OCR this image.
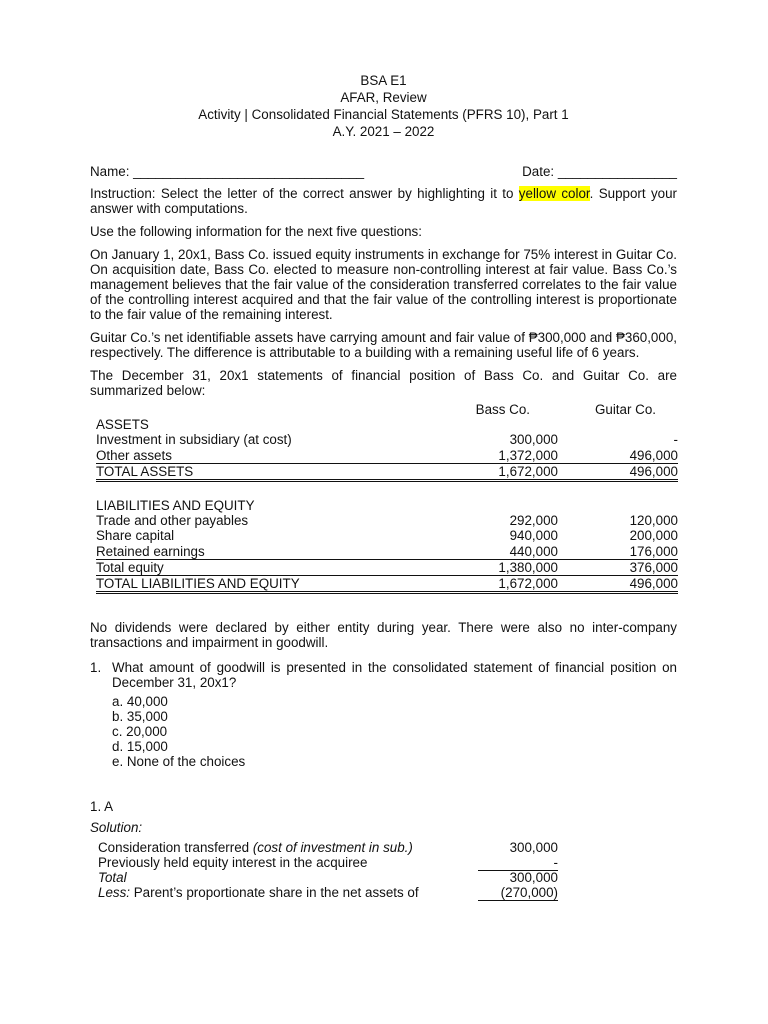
BSA E1
AFAR, Review
Activity | Consolidated Financial Statements (PFRS 10), Part 1
A.Y. 2021 – 2022
Name: _______________________________	Date: ________________

Instruction: Select the letter of the correct answer by highlighting it to yellow color. Support your answer with computations.

Use the following information for the next five questions:

On January 1, 20x1, Bass Co. issued equity instruments in exchange for 75% interest in Guitar Co. On acquisition date, Bass Co. elected to measure non-controlling interest at fair value. Bass Co.’s management believes that the fair value of the consideration transferred correlates to the fair value of the controlling interest acquired and that the fair value of the controlling interest is proportionate to the fair value of the remaining interest.

Guitar Co.’s net identifiable assets have carrying amount and fair value of ₱300,000 and ₱360,000, respectively. The difference is attributable to a building with a remaining useful life of 6 years.

The December 31, 20x1 statements of financial position of Bass Co. and Guitar Co. are summarized below:

	Bass Co.	Guitar Co.
ASSETS		
Investment in subsidiary (at cost)	300,000	-
Other assets	1,372,000	496,000
TOTAL ASSETS	1,672,000	496,000

LIABILITIES AND EQUITY		
Trade and other payables	292,000	120,000
Share capital	940,000	200,000
Retained earnings	440,000	176,000
Total equity	1,380,000	376,000
TOTAL LIABILITIES AND EQUITY	1,672,000	496,000

No dividends were declared by either entity during year. There were also no inter-company transactions and impairment in goodwill.

1. What amount of goodwill is presented in the consolidated statement of financial position on December 31, 20x1?

a. 40,000
b. 35,000
c. 20,000
d. 15,000
e. None of the choices
1. A
Solution:
Consideration transferred (cost of investment in sub.)	300,000
Previously held equity interest in the acquiree	-
Total	300,000
Less: Parent’s proportionate share in the net assets of	(270,000)
